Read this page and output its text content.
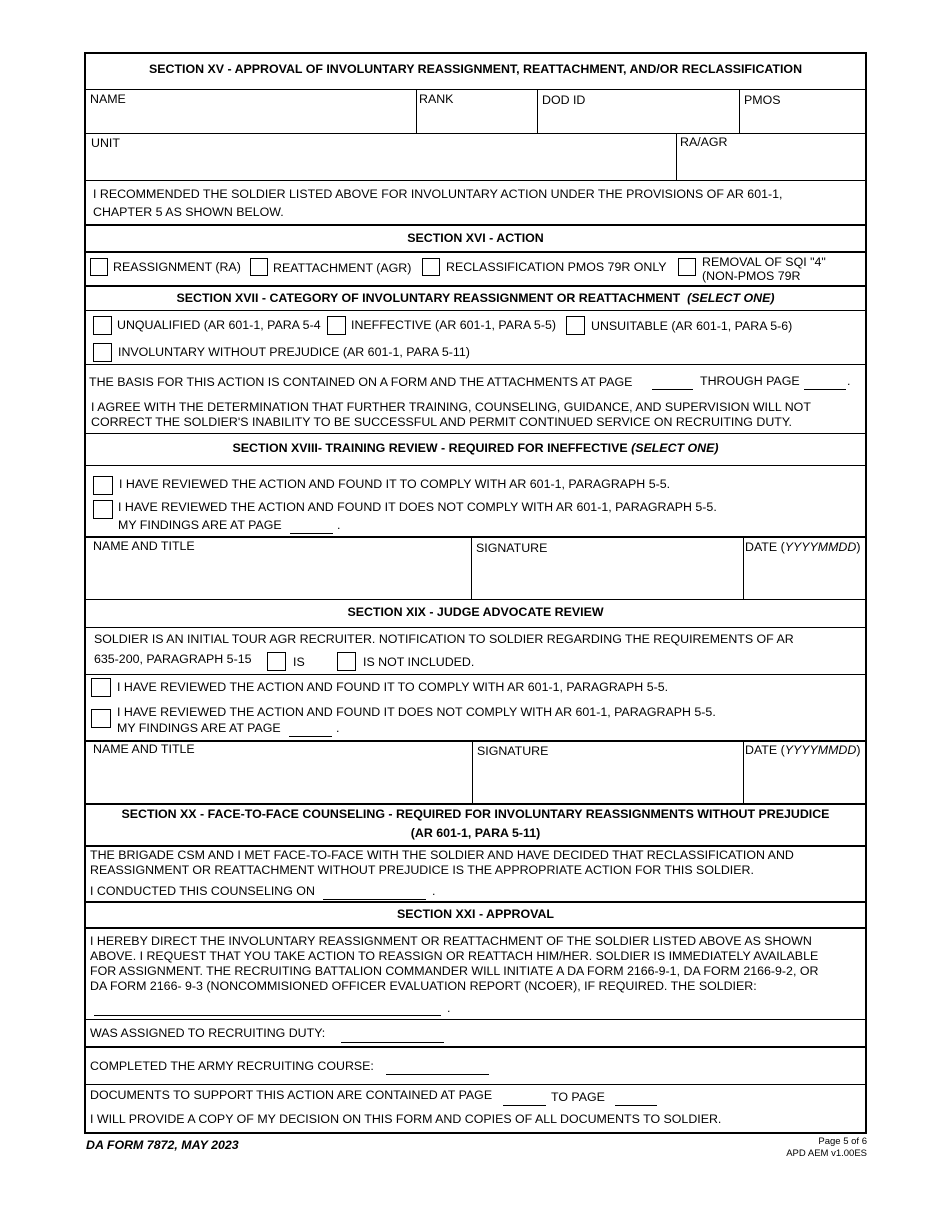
SECTION XV - APPROVAL OF INVOLUNTARY REASSIGNMENT, REATTACHMENT, AND/OR RECLASSIFICATION
NAME	RANK	DOD ID	PMOS
UNIT	RA/AGR
I RECOMMENDED THE SOLDIER LISTED ABOVE FOR INVOLUNTARY ACTION UNDER THE PROVISIONS OF AR 601-1,
CHAPTER 5 AS SHOWN BELOW.
SECTION XVI - ACTION
REASSIGNMENT (RA)	REATTACHMENT (AGR)	RECLASSIFICATION PMOS 79R ONLY	REMOVAL OF SQI "4"
(NON-PMOS 79R
SECTION XVII - CATEGORY OF INVOLUNTARY REASSIGNMENT OR REATTACHMENT (SELECT ONE)
UNQUALIFIED (AR 601-1, PARA 5-4 INEFFECTIVE (AR 601-1, PARA 5-5)	UNSUITABLE (AR 601-1, PARA 5-6)
INVOLUNTARY WITHOUT PREJUDICE (AR 601-1, PARA 5-11)
THE BASIS FOR THIS ACTION IS CONTAINED ON A FORM AND THE ATTACHMENTS AT PAGE	THROUGH PAGE	.
I AGREE WITH THE DETERMINATION THAT FURTHER TRAINING, COUNSELING, GUIDANCE, AND SUPERVISION WILL NOT
CORRECT THE SOLDIER'S INABILITY TO BE SUCCESSFUL AND PERMIT CONTINUED SERVICE ON RECRUITING DUTY.
SECTION XVIII- TRAINING REVIEW - REQUIRED FOR INEFFECTIVE (SELECT ONE)
I HAVE REVIEWED THE ACTION AND FOUND IT TO COMPLY WITH AR 601-1, PARAGRAPH 5-5.
I HAVE REVIEWED THE ACTION AND FOUND IT DOES NOT COMPLY WITH AR 601-1, PARAGRAPH 5-5.
MY FINDINGS ARE AT PAGE	.
NAME AND TITLE	SIGNATURE	DATE (YYYYMMDD)
SECTION XIX - JUDGE ADVOCATE REVIEW
SOLDIER IS AN INITIAL TOUR AGR RECRUITER. NOTIFICATION TO SOLDIER REGARDING THE REQUIREMENTS OF AR
635-200, PARAGRAPH 5-15	IS	IS NOT INCLUDED.
I HAVE REVIEWED THE ACTION AND FOUND IT TO COMPLY WITH AR 601-1, PARAGRAPH 5-5.
I HAVE REVIEWED THE ACTION AND FOUND IT DOES NOT COMPLY WITH AR 601-1, PARAGRAPH 5-5.
MY FINDINGS ARE AT PAGE	.
NAME AND TITLE	SIGNATURE	DATE (YYYYMMDD)
SECTION XX - FACE-TO-FACE COUNSELING - REQUIRED FOR INVOLUNTARY REASSIGNMENTS WITHOUT PREJUDICE
(AR 601-1, PARA 5-11)
THE BRIGADE CSM AND I MET FACE-TO-FACE WITH THE SOLDIER AND HAVE DECIDED THAT RECLASSIFICATION AND
REASSIGNMENT OR REATTACHMENT WITHOUT PREJUDICE IS THE APPROPRIATE ACTION FOR THIS SOLDIER.
I CONDUCTED THIS COUNSELING ON	.
SECTION XXI - APPROVAL
I HEREBY DIRECT THE INVOLUNTARY REASSIGNMENT OR REATTACHMENT OF THE SOLDIER LISTED ABOVE AS SHOWN
ABOVE. I REQUEST THAT YOU TAKE ACTION TO REASSIGN OR REATTACH HIM/HER. SOLDIER IS IMMEDIATELY AVAILABLE
FOR ASSIGNMENT. THE RECRUITING BATTALION COMMANDER WILL INITIATE A DA FORM 2166-9-1, DA FORM 2166-9-2, OR
DA FORM 2166- 9-3 (NONCOMMISIONED OFFICER EVALUATION REPORT (NCOER), IF REQUIRED. THE SOLDIER:
.
WAS ASSIGNED TO RECRUITING DUTY:
COMPLETED THE ARMY RECRUITING COURSE:
DOCUMENTS TO SUPPORT THIS ACTION ARE CONTAINED AT PAGE	TO PAGE
I WILL PROVIDE A COPY OF MY DECISION ON THIS FORM AND COPIES OF ALL DOCUMENTS TO SOLDIER.
DA FORM 7872, MAY 2023	Page 5 of 6
APD AEM v1.00ES
